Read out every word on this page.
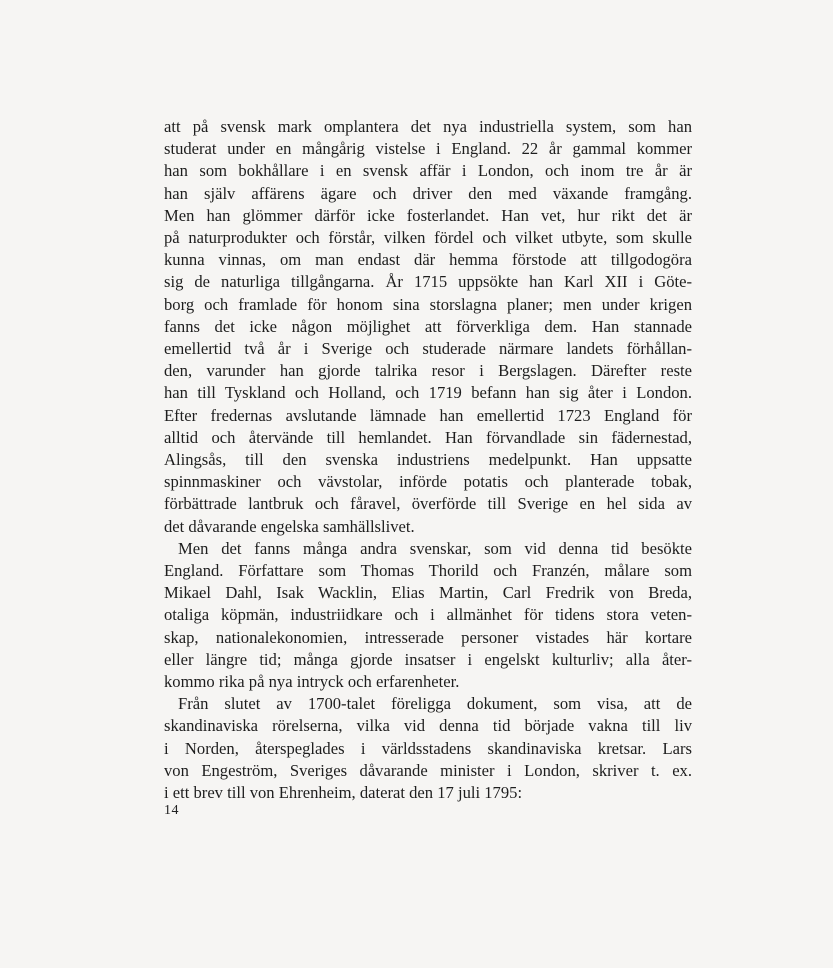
att på svensk mark omplantera det nya industriella system, som han
studerat under en mångårig vistelse i England. 22 år gammal kommer
han som bokhållare i en svensk affär i London, och inom tre år är
han själv affärens ägare och driver den med växande framgång.
Men han glömmer därför icke fosterlandet. Han vet, hur rikt det är
på naturprodukter och förstår, vilken fördel och vilket utbyte, som skulle
kunna vinnas, om man endast där hemma förstode att tillgodogöra
sig de naturliga tillgångarna. År 1715 uppsökte han Karl XII i Göte-
borg och framlade för honom sina storslagna planer; men under krigen
fanns det icke någon möjlighet att förverkliga dem. Han stannade
emellertid två år i Sverige och studerade närmare landets förhållan-
den, varunder han gjorde talrika resor i Bergslagen. Därefter reste
han till Tyskland och Holland, och 1719 befann han sig åter i London.
Efter fredernas avslutande lämnade han emellertid 1723 England för
alltid och återvände till hemlandet. Han förvandlade sin fädernestad,
Alingsås, till den svenska industriens medelpunkt. Han uppsatte
spinnmaskiner och vävstolar, införde potatis och planterade tobak,
förbättrade lantbruk och fåravel, överförde till Sverige en hel sida av
det dåvarande engelska samhällslivet.
Men det fanns många andra svenskar, som vid denna tid besökte
England. Författare som Thomas Thorild och Franzén, målare som
Mikael Dahl, Isak Wacklin, Elias Martin, Carl Fredrik von Breda,
otaliga köpmän, industriidkare och i allmänhet för tidens stora veten-
skap, nationalekonomien, intresserade personer vistades här kortare
eller längre tid; många gjorde insatser i engelskt kulturliv; alla åter-
kommo rika på nya intryck och erfarenheter.
Från slutet av 1700-talet föreligga dokument, som visa, att de
skandinaviska rörelserna, vilka vid denna tid började vakna till liv
i Norden, återspeglades i världsstadens skandinaviska kretsar. Lars
von Engeström, Sveriges dåvarande minister i London, skriver t. ex.
i ett brev till von Ehrenheim, daterat den 17 juli 1795:
14
